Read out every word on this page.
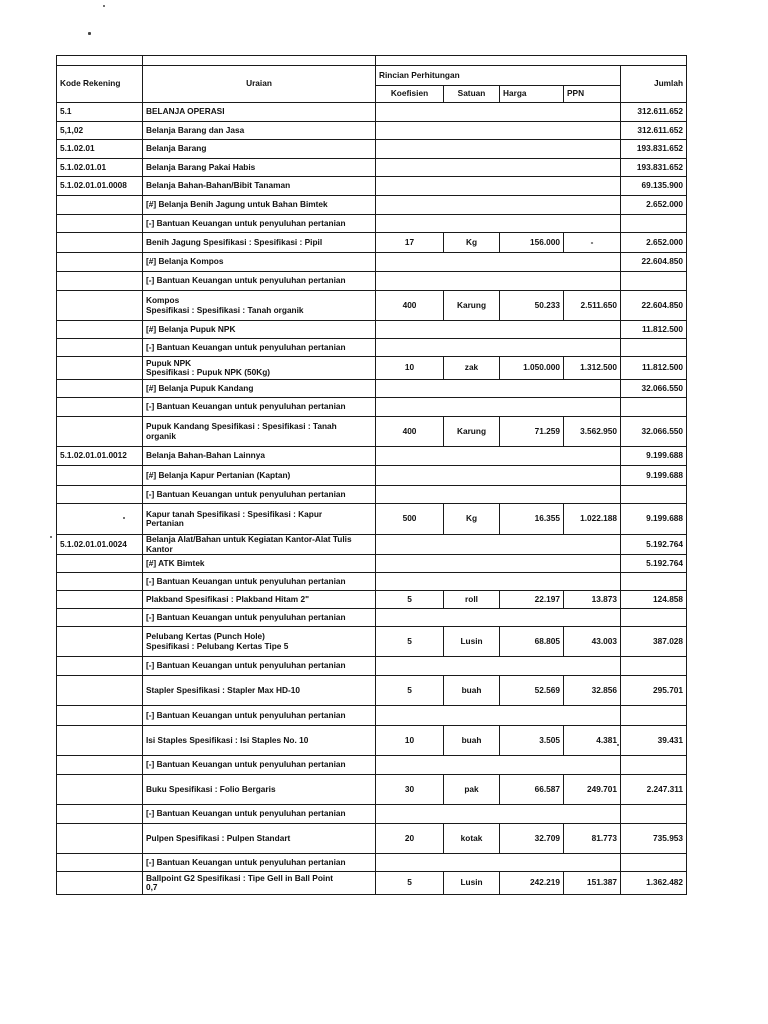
Kode Rekening	Uraian	Rincian Perhitungan				Jumlah
		Koefisien	Satuan	Harga	PPN	
5.1	BELANJA OPERASI					312.611.652
5,1,02	Belanja Barang dan Jasa					312.611.652
5.1.02.01	Belanja Barang					193.831.652
5.1.02.01.01	Belanja Barang Pakai Habis					193.831.652
5.1.02.01.01.0008	Belanja Bahan-Bahan/Bibit Tanaman					69.135.900

	[#] Belanja Benih Jagung untuk Bahan Bimtek					2.652.000

	[-] Bantuan Keuangan untuk penyuluhan pertanian					

	Benih Jagung Spesifikasi : Spesifikasi : Pipil	17	Kg	156.000	-	2.652.000

	[#] Belanja Kompos					22.604.850

	[-] Bantuan Keuangan untuk penyuluhan pertanian					

	Kompos
Spesifikasi : Spesifikasi : Tanah organik	400	Karung	50.233	2.511.650	22.604.850

	[#] Belanja Pupuk NPK					11.812.500

	[-] Bantuan Keuangan untuk penyuluhan pertanian					

	Pupuk NPK
Spesifikasi : Pupuk NPK (50Kg)	10	zak	1.050.000	1.312.500	11.812.500

	[#] Belanja Pupuk Kandang					32.066.550

	[-] Bantuan Keuangan untuk penyuluhan pertanian					

	Pupuk Kandang Spesifikasi : Spesifikasi : Tanah
organik	400	Karung	71.259	3.562.950	32.066.550
5.1.02.01.01.0012	Belanja Bahan-Bahan Lainnya					9.199.688

	[#] Belanja Kapur Pertanian (Kaptan)					9.199.688

	[-] Bantuan Keuangan untuk penyuluhan pertanian					

	Kapur tanah Spesifikasi : Spesifikasi : Kapur
Pertanian	500	Kg	16.355	1.022.188	9.199.688
5.1.02.01.01.0024	Belanja Alat/Bahan untuk Kegiatan Kantor-Alat Tulis
Kantor					5.192.764

	[#] ATK Bimtek					5.192.764

	[-] Bantuan Keuangan untuk penyuluhan pertanian					

	Plakband Spesifikasi : Plakband Hitam 2"	5	roll	22.197	13.873	124.858

	[-] Bantuan Keuangan untuk penyuluhan pertanian					

	Pelubang Kertas (Punch Hole)
Spesifikasi : Pelubang Kertas Tipe 5	5	Lusin	68.805	43.003	387.028

	[-] Bantuan Keuangan untuk penyuluhan pertanian					

	Stapler Spesifikasi : Stapler Max HD-10	5	buah	52.569	32.856	295.701

	[-] Bantuan Keuangan untuk penyuluhan pertanian					

	Isi Staples Spesifikasi : Isi Staples No. 10	10	buah	3.505	4.381	39.431

	[-] Bantuan Keuangan untuk penyuluhan pertanian					

	Buku Spesifikasi : Folio Bergaris	30	pak	66.587	249.701	2.247.311

	[-] Bantuan Keuangan untuk penyuluhan pertanian					

	Pulpen Spesifikasi : Pulpen Standart	20	kotak	32.709	81.773	735.953

	[-] Bantuan Keuangan untuk penyuluhan pertanian					

	Ballpoint G2 Spesifikasi : Tipe Gell in Ball Point
0,7	5	Lusin	242.219	151.387	1.362.482
